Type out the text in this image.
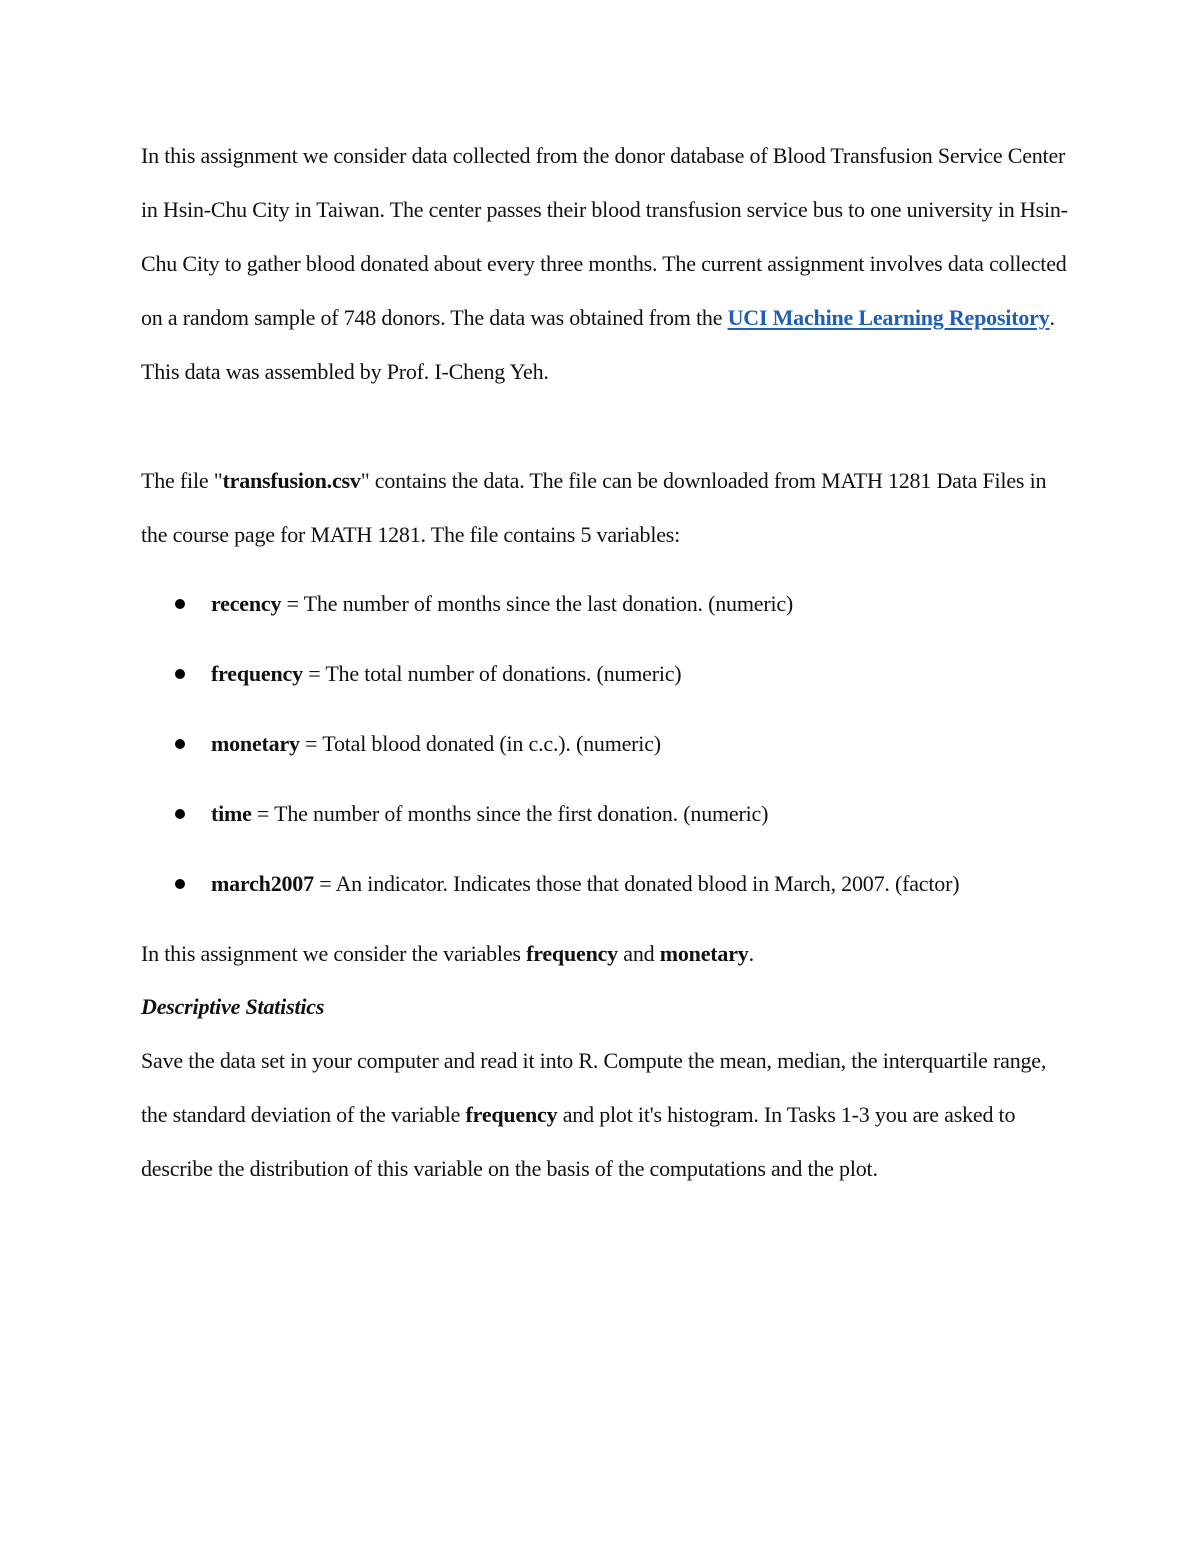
In this assignment we consider data collected from the donor database of Blood Transfusion Service Center in Hsin-Chu City in Taiwan. The center passes their blood transfusion service bus to one university in Hsin-Chu City to gather blood donated about every three months. The current assignment involves data collected on a random sample of 748 donors. The data was obtained from the UCI Machine Learning Repository. This data was assembled by Prof. I-Cheng Yeh.

The file "transfusion.csv" contains the data. The file can be downloaded from MATH 1281 Data Files in the course page for MATH 1281. The file contains 5 variables:

recency = The number of months since the last donation. (numeric)
frequency = The total number of donations. (numeric)
monetary = Total blood donated (in c.c.). (numeric)
time = The number of months since the first donation. (numeric)
march2007 = An indicator. Indicates those that donated blood in March, 2007. (factor)

In this assignment we consider the variables frequency and monetary.

Descriptive Statistics

Save the data set in your computer and read it into R. Compute the mean, median, the interquartile range, the standard deviation of the variable frequency and plot it's histogram. In Tasks 1-3 you are asked to describe the distribution of this variable on the basis of the computations and the plot.
